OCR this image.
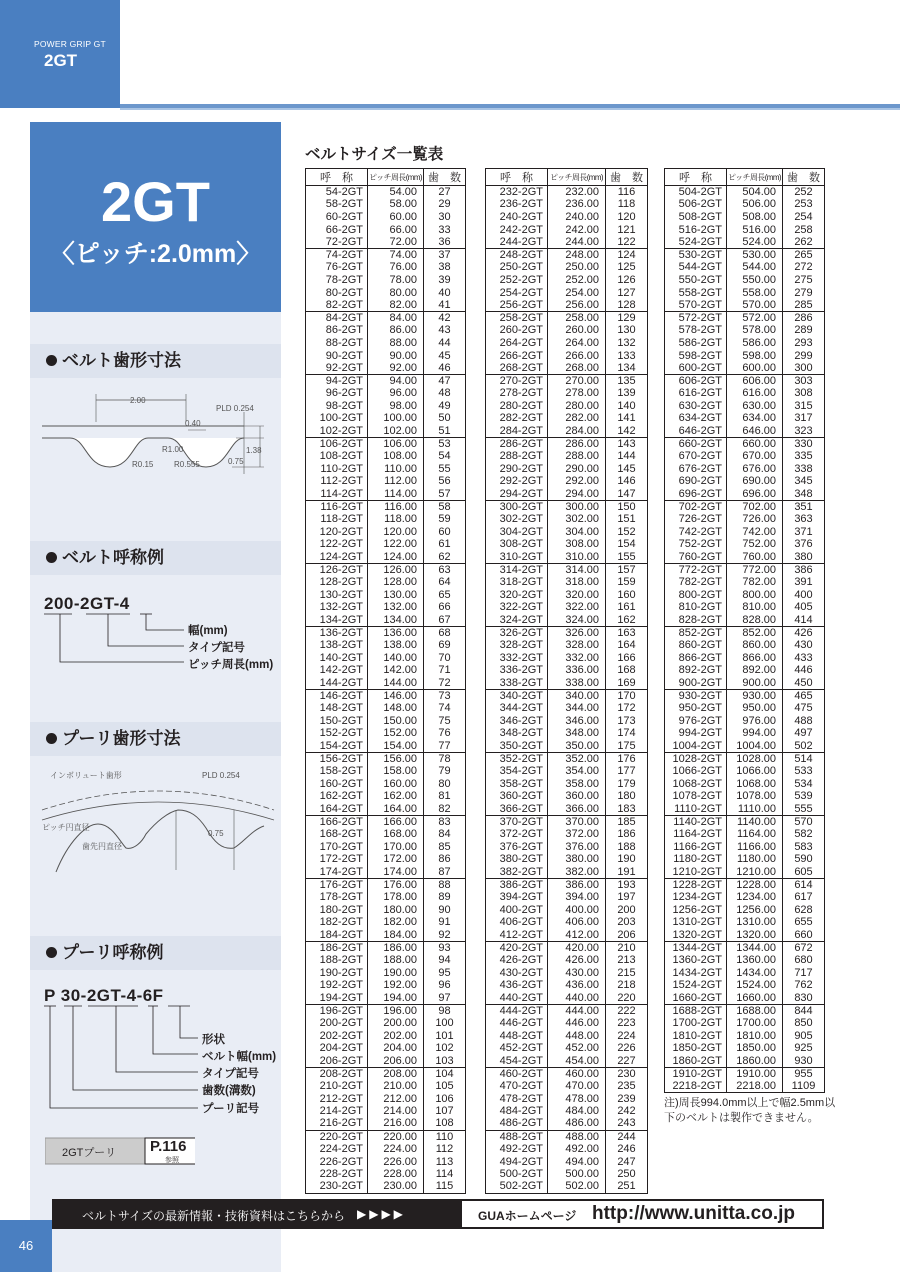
POWER GRIP GT
2GT
2GT
〈ピッチ:2.0mm〉
ベルト歯形寸法
2.00
PLD 0.254
0.40
R1.00
R0.15	R0.555
1.38
0.75
ベルト呼称例
200-2GT-4
幅(mm)
タイプ記号
ピッチ周長(mm)
プーリ歯形寸法
インボリュート歯形	PLD 0.254
ピッチ円直径
歯先円直径
0.75
プーリ呼称例
P 30-2GT-4-6F
形状
ベルト幅(mm)
タイプ記号
歯数(溝数)
プーリ記号
2GTプーリ P.116
参照
ベルトサイズ一覧表
呼　称	ピッチ周長(mm)	歯　数
54-2GT	54.00	27
58-2GT	58.00	29
60-2GT	60.00	30
66-2GT	66.00	33
72-2GT	72.00	36
74-2GT	74.00	37
76-2GT	76.00	38
78-2GT	78.00	39
80-2GT	80.00	40
82-2GT	82.00	41
84-2GT	84.00	42
86-2GT	86.00	43
88-2GT	88.00	44
90-2GT	90.00	45
92-2GT	92.00	46
94-2GT	94.00	47
96-2GT	96.00	48
98-2GT	98.00	49
100-2GT	100.00	50
102-2GT	102.00	51
106-2GT	106.00	53
108-2GT	108.00	54
110-2GT	110.00	55
112-2GT	112.00	56
114-2GT	114.00	57
116-2GT	116.00	58
118-2GT	118.00	59
120-2GT	120.00	60
122-2GT	122.00	61
124-2GT	124.00	62
126-2GT	126.00	63
128-2GT	128.00	64
130-2GT	130.00	65
132-2GT	132.00	66
134-2GT	134.00	67
136-2GT	136.00	68
138-2GT	138.00	69
140-2GT	140.00	70
142-2GT	142.00	71
144-2GT	144.00	72
146-2GT	146.00	73
148-2GT	148.00	74
150-2GT	150.00	75
152-2GT	152.00	76
154-2GT	154.00	77
156-2GT	156.00	78
158-2GT	158.00	79
160-2GT	160.00	80
162-2GT	162.00	81
164-2GT	164.00	82
166-2GT	166.00	83
168-2GT	168.00	84
170-2GT	170.00	85
172-2GT	172.00	86
174-2GT	174.00	87
176-2GT	176.00	88
178-2GT	178.00	89
180-2GT	180.00	90
182-2GT	182.00	91
184-2GT	184.00	92
186-2GT	186.00	93
188-2GT	188.00	94
190-2GT	190.00	95
192-2GT	192.00	96
194-2GT	194.00	97
196-2GT	196.00	98
200-2GT	200.00	100
202-2GT	202.00	101
204-2GT	204.00	102
206-2GT	206.00	103
208-2GT	208.00	104
210-2GT	210.00	105
212-2GT	212.00	106
214-2GT	214.00	107
216-2GT	216.00	108
220-2GT	220.00	110
224-2GT	224.00	112
226-2GT	226.00	113
228-2GT	228.00	114
230-2GT	230.00	115
呼　称	ピッチ周長(mm)	歯　数
232-2GT	232.00	116
236-2GT	236.00	118
240-2GT	240.00	120
242-2GT	242.00	121
244-2GT	244.00	122
248-2GT	248.00	124
250-2GT	250.00	125
252-2GT	252.00	126
254-2GT	254.00	127
256-2GT	256.00	128
258-2GT	258.00	129
260-2GT	260.00	130
264-2GT	264.00	132
266-2GT	266.00	133
268-2GT	268.00	134
270-2GT	270.00	135
278-2GT	278.00	139
280-2GT	280.00	140
282-2GT	282.00	141
284-2GT	284.00	142
286-2GT	286.00	143
288-2GT	288.00	144
290-2GT	290.00	145
292-2GT	292.00	146
294-2GT	294.00	147
300-2GT	300.00	150
302-2GT	302.00	151
304-2GT	304.00	152
308-2GT	308.00	154
310-2GT	310.00	155
314-2GT	314.00	157
318-2GT	318.00	159
320-2GT	320.00	160
322-2GT	322.00	161
324-2GT	324.00	162
326-2GT	326.00	163
328-2GT	328.00	164
332-2GT	332.00	166
336-2GT	336.00	168
338-2GT	338.00	169
340-2GT	340.00	170
344-2GT	344.00	172
346-2GT	346.00	173
348-2GT	348.00	174
350-2GT	350.00	175
352-2GT	352.00	176
354-2GT	354.00	177
358-2GT	358.00	179
360-2GT	360.00	180
366-2GT	366.00	183
370-2GT	370.00	185
372-2GT	372.00	186
376-2GT	376.00	188
380-2GT	380.00	190
382-2GT	382.00	191
386-2GT	386.00	193
394-2GT	394.00	197
400-2GT	400.00	200
406-2GT	406.00	203
412-2GT	412.00	206
420-2GT	420.00	210
426-2GT	426.00	213
430-2GT	430.00	215
436-2GT	436.00	218
440-2GT	440.00	220
444-2GT	444.00	222
446-2GT	446.00	223
448-2GT	448.00	224
452-2GT	452.00	226
454-2GT	454.00	227
460-2GT	460.00	230
470-2GT	470.00	235
478-2GT	478.00	239
484-2GT	484.00	242
486-2GT	486.00	243
488-2GT	488.00	244
492-2GT	492.00	246
494-2GT	494.00	247
500-2GT	500.00	250
502-2GT	502.00	251
呼　称	ピッチ周長(mm)	歯　数
504-2GT	504.00	252
506-2GT	506.00	253
508-2GT	508.00	254
516-2GT	516.00	258
524-2GT	524.00	262
530-2GT	530.00	265
544-2GT	544.00	272
550-2GT	550.00	275
558-2GT	558.00	279
570-2GT	570.00	285
572-2GT	572.00	286
578-2GT	578.00	289
586-2GT	586.00	293
598-2GT	598.00	299
600-2GT	600.00	300
606-2GT	606.00	303
616-2GT	616.00	308
630-2GT	630.00	315
634-2GT	634.00	317
646-2GT	646.00	323
660-2GT	660.00	330
670-2GT	670.00	335
676-2GT	676.00	338
690-2GT	690.00	345
696-2GT	696.00	348
702-2GT	702.00	351
726-2GT	726.00	363
742-2GT	742.00	371
752-2GT	752.00	376
760-2GT	760.00	380
772-2GT	772.00	386
782-2GT	782.00	391
800-2GT	800.00	400
810-2GT	810.00	405
828-2GT	828.00	414
852-2GT	852.00	426
860-2GT	860.00	430
866-2GT	866.00	433
892-2GT	892.00	446
900-2GT	900.00	450
930-2GT	930.00	465
950-2GT	950.00	475
976-2GT	976.00	488
994-2GT	994.00	497
1004-2GT	1004.00	502
1028-2GT	1028.00	514
1066-2GT	1066.00	533
1068-2GT	1068.00	534
1078-2GT	1078.00	539
1110-2GT	1110.00	555
1140-2GT	1140.00	570
1164-2GT	1164.00	582
1166-2GT	1166.00	583
1180-2GT	1180.00	590
1210-2GT	1210.00	605
1228-2GT	1228.00	614
1234-2GT	1234.00	617
1256-2GT	1256.00	628
1310-2GT	1310.00	655
1320-2GT	1320.00	660
1344-2GT	1344.00	672
1360-2GT	1360.00	680
1434-2GT	1434.00	717
1524-2GT	1524.00	762
1660-2GT	1660.00	830
1688-2GT	1688.00	844
1700-2GT	1700.00	850
1810-2GT	1810.00	905
1850-2GT	1850.00	925
1860-2GT	1860.00	930
1910-2GT	1910.00	955
2218-2GT	2218.00	1109
注)周長994.0mm以上で幅2.5mm以下のベルトは製作できません。
ベルトサイズの最新情報・技術資料はこちらから ▶▶▶▶	GUAホームページ http://www.unitta.co.jp
46
